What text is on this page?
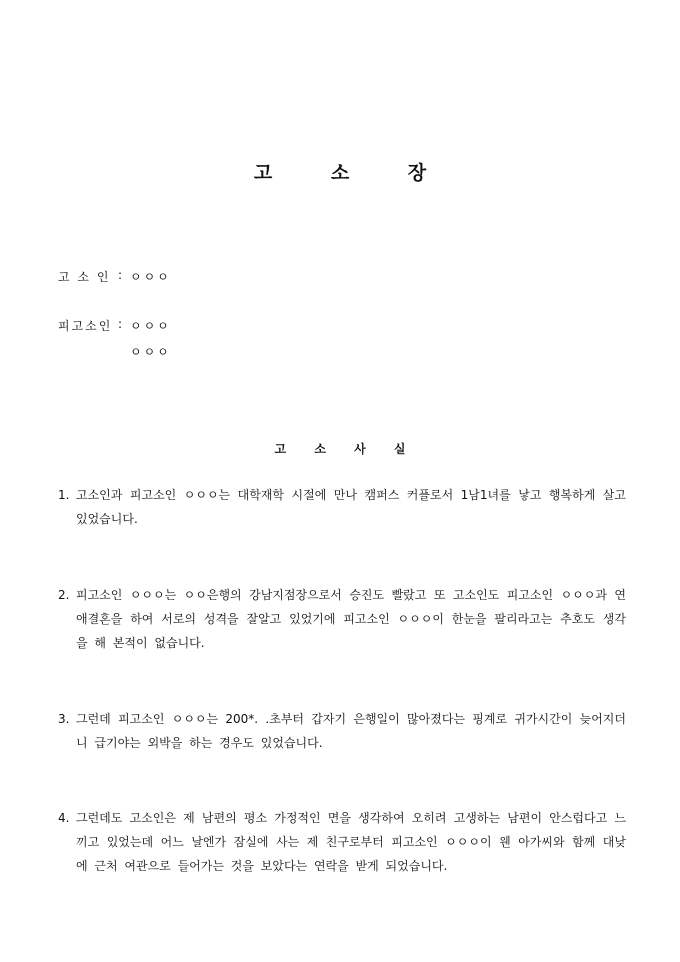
고 소 장
고 소 인 : ㅇㅇㅇ
피고소인 : ㅇㅇㅇ
ㅇㅇㅇ
고 소 사 실
1. 고소인과 피고소인 ㅇㅇㅇ는 대학재학 시절에 만나 캠퍼스 커플로서 1남1녀를 낳고 행복하게 살고 있었습니다.
2. 피고소인 ㅇㅇㅇ는 ㅇㅇ은행의 강남지점장으로서 승진도 빨랐고 또 고소인도 피고소인 ㅇㅇㅇ과 연애결혼을 하여 서로의 성격을 잘알고 있었기에 피고소인 ㅇㅇㅇ이 한눈을 팔리라고는 추호도 생각을 해 본적이 없습니다.
3. 그런데 피고소인 ㅇㅇㅇ는 200*. .초부터 갑자기 은행일이 많아졌다는 핑계로 귀가시간이 늦어지더니 급기야는 외박을 하는 경우도 있었습니다.
4. 그런데도 고소인은 제 남편의 평소 가정적인 면을 생각하여 오히려 고생하는 남편이 안스럽다고 느끼고 있었는데 어느 날엔가 잠실에 사는 제 친구로부터 피고소인 ㅇㅇㅇ이 웬 아가씨와 함께 대낮에 근처 여관으로 들어가는 것을 보았다는 연락을 받게 되었습니다.
